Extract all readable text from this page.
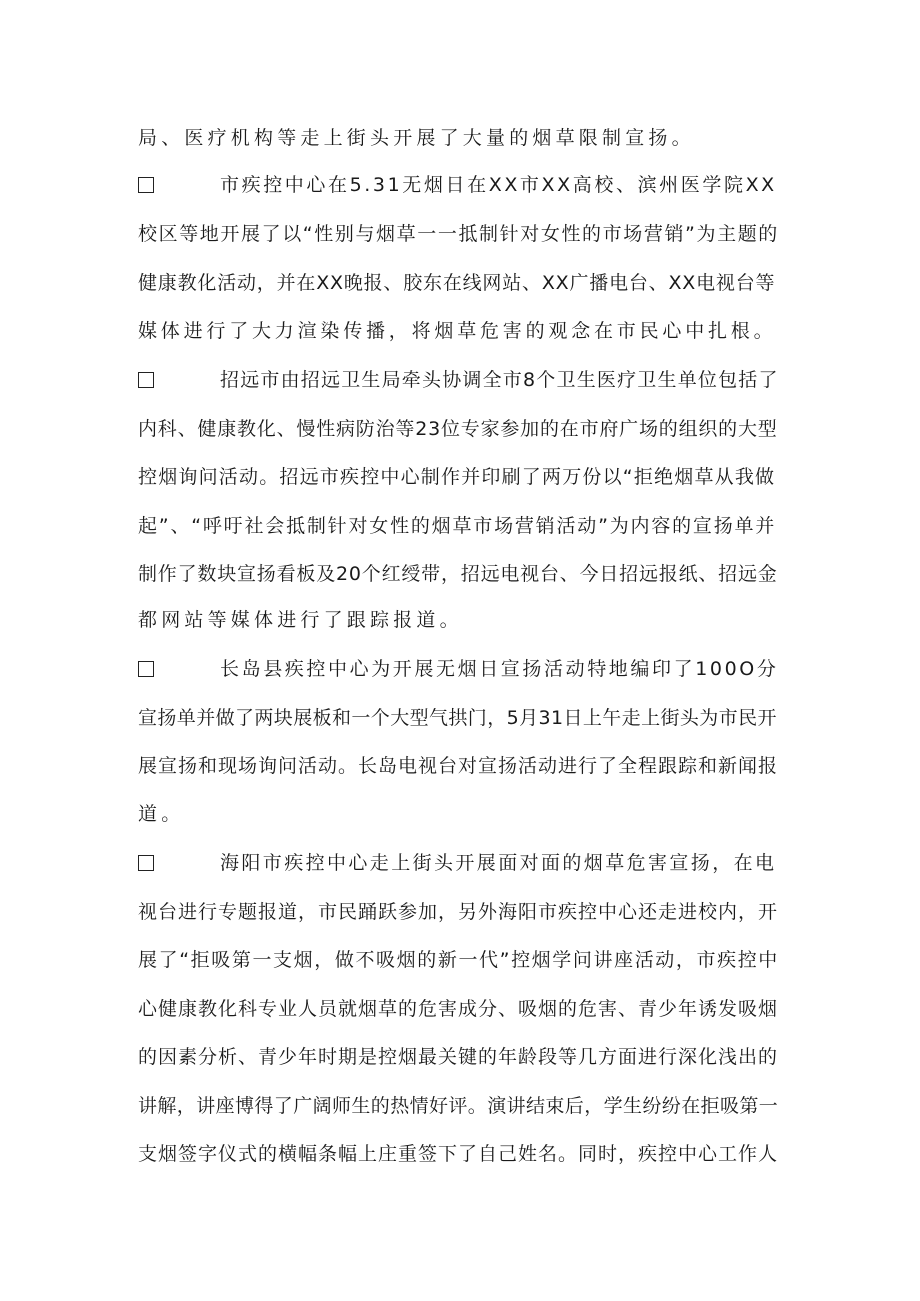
局、医疗机构等走上街头开展了大量的烟草限制宣扬。
市疾控中心在5.31无烟日在XX市XX高校、滨州医学院XX
校区等地开展了以“性别与烟草一一抵制针对女性的市场营销”为主题的
健康教化活动，并在XX晚报、胶东在线网站、XX广播电台、XX电视台等
媒体进行了大力渲染传播，将烟草危害的观念在市民心中扎根。
招远市由招远卫生局牵头协调全市8个卫生医疗卫生单位包括了
内科、健康教化、慢性病防治等23位专家参加的在市府广场的组织的大型
控烟询问活动。招远市疾控中心制作并印刷了两万份以“拒绝烟草从我做
起”、“呼吁社会抵制针对女性的烟草市场营销活动”为内容的宣扬单并
制作了数块宣扬看板及20个红绶带，招远电视台、今日招远报纸、招远金
都网站等媒体进行了跟踪报道。
长岛县疾控中心为开展无烟日宣扬活动特地编印了100O分
宣扬单并做了两块展板和一个大型气拱门，5月31日上午走上街头为市民开
展宣扬和现场询问活动。长岛电视台对宣扬活动进行了全程跟踪和新闻报
道。
海阳市疾控中心走上街头开展面对面的烟草危害宣扬，在电
视台进行专题报道，市民踊跃参加，另外海阳市疾控中心还走进校内，开
展了“拒吸第一支烟，做不吸烟的新一代”控烟学问讲座活动，市疾控中
心健康教化科专业人员就烟草的危害成分、吸烟的危害、青少年诱发吸烟
的因素分析、青少年时期是控烟最关键的年龄段等几方面进行深化浅出的
讲解，讲座博得了广阔师生的热情好评。演讲结束后，学生纷纷在拒吸第一
支烟签字仪式的横幅条幅上庄重签下了自己姓名。同时，疾控中心工作人
